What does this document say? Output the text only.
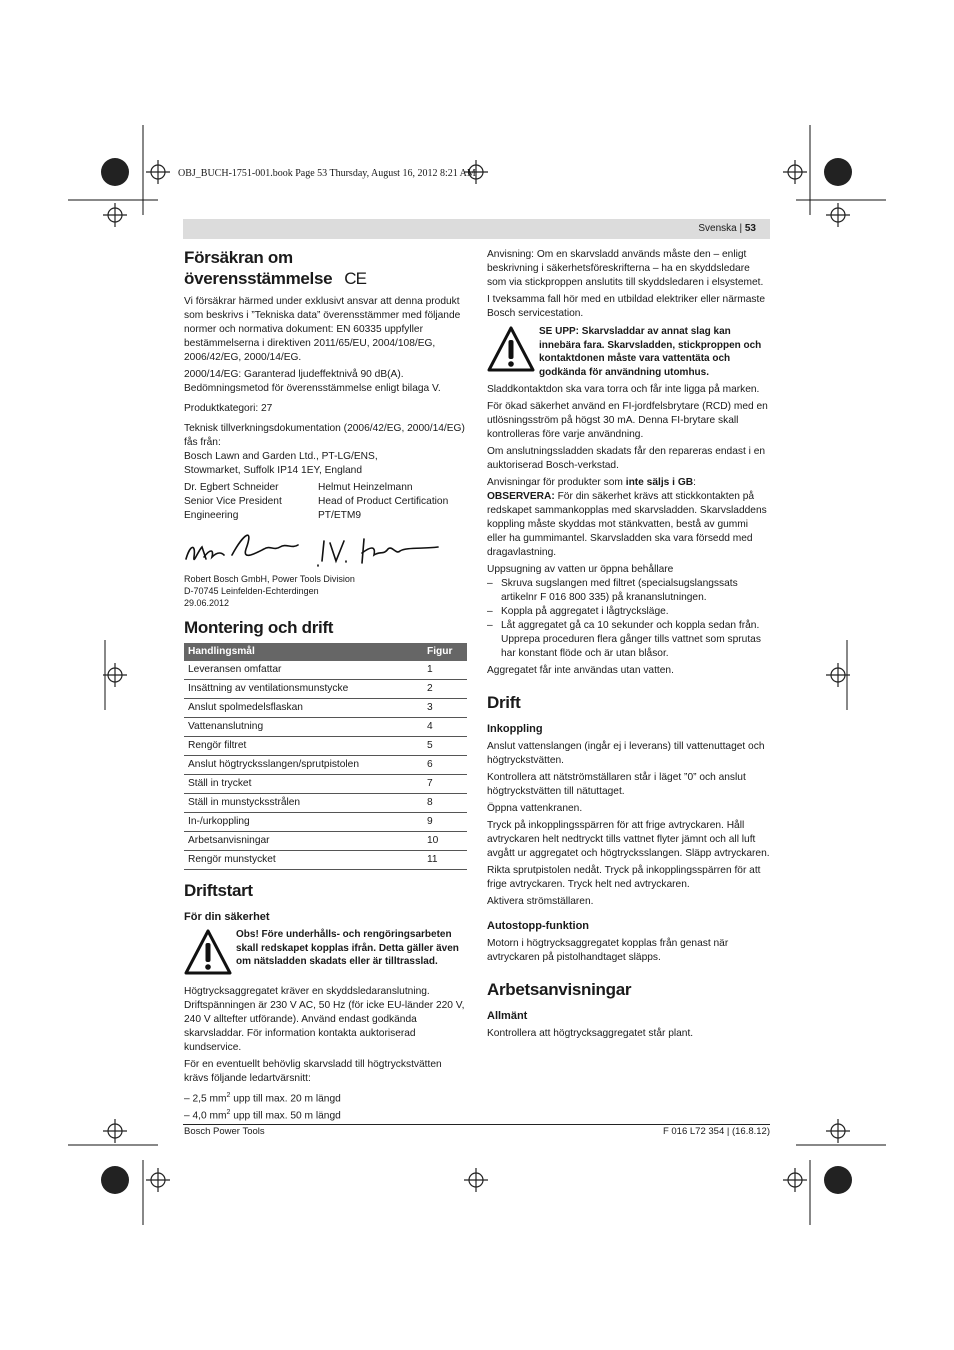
OBJ_BUCH-1751-001.book Page 53 Thursday, August 16, 2012 8:21 AM
Svenska | 53
Försäkran om
överensstämmelse CE

Vi försäkrar härmed under exklusivt ansvar att denna produkt som beskrivs i ”Tekniska data” överensstämmer med följande normer och normativa dokument: EN 60335 uppfyller bestämmelserna i direktiven 2011/65/EU, 2004/108/EG, 2006/42/EG, 2000/14/EG.

2000/14/EG: Garanterad ljudeffektnivå 90 dB(A). Bedömningsmetod för överensstämmelse enligt bilaga V.

Produktkategori: 27

Teknisk tillverkningsdokumentation (2006/42/EG, 2000/14/EG) fås från:

Bosch Lawn and Garden Ltd., PT-LG/ENS,

Stowmarket, Suffolk IP14 1EY, England

Dr. Egbert Schneider
Senior Vice President
Engineering
Helmut Heinzelmann
Head of Product Certification
PT/ETM9

Robert Bosch GmbH, Power Tools Division

D-70745 Leinfelden-Echterdingen

29.06.2012

Montering och drift
Handlingsmål	Figur
Leveransen omfattar	1
Insättning av ventilationsmunstycke	2
Anslut spolmedelsflaskan	3
Vattenanslutning	4
Rengör filtret	5
Anslut högtrycksslangen/sprutpistolen	6
Ställ in trycket	7
Ställ in munstycksstrålen	8
In-/urkoppling	9
Arbetsanvisningar	10
Rengör munstycket	11
Driftstart
För din säkerhet
Obs! Före underhålls- och rengöringsarbeten skall redskapet kopplas ifrån. Detta gäller även om nätsladden skadats eller är tilltrasslad.

Högtrycksaggregatet kräver en skyddsledaranslutning. Driftspänningen är 230 V AC, 50 Hz (för icke EU-länder 220 V, 240 V alltefter utförande). Använd endast godkända skarvsladdar. För information kontakta auktoriserad kundservice.

För en eventuellt behövlig skarvsladd till högtryckstvätten krävs följande ledartvärsnitt:

– 2,5 $mm^2$ upp till max. 20 m längd
– 4,0 $mm^2$ upp till max. 50 m längd

Anvisning: Om en skarvsladd används måste den – enligt beskrivning i säkerhetsföreskrifterna – ha en skyddsledare som via stickproppen anslutits till skyddsledaren i elsystemet.

I tveksamma fall hör med en utbildad elektriker eller närmaste Bosch servicestation.

SE UPP: Skarvsladdar av annat slag kan innebära fara. Skarvsladden, stickproppen och kontaktdonen måste vara vattentäta och godkända för användning utomhus.

Sladdkontaktdon ska vara torra och får inte ligga på marken.

För ökad säkerhet använd en FI-jordfelsbrytare (RCD) med en utlösningsström på högst 30 mA. Denna FI-brytare skall kontrolleras före varje användning.

Om anslutningssladden skadats får den repareras endast i en auktoriserad Bosch-verkstad.

Anvisningar för produkter som inte säljs i GB:

OBSERVERA: För din säkerhet krävs att stickkontakten på redskapet sammankopplas med skarvsladden. Skarvsladdens koppling måste skyddas mot stänkvatten, bestå av gummi eller ha gummimantel. Skarvsladden ska vara försedd med dragavlastning.

Uppsugning av vatten ur öppna behållare

– Skruva sugslangen med filtret (specialsugslangssats artikelnr F 016 800 335) på krananslutningen.
– Koppla på aggregatet i lågtrycksläge.
– Låt aggregatet gå ca 10 sekunder och koppla sedan från. Upprepa proceduren flera gånger tills vattnet som sprutas har konstant flöde och är utan blåsor.

Aggregatet får inte användas utan vatten.

Drift
Inkoppling

Anslut vattenslangen (ingår ej i leverans) till vattenuttaget och högtryckstvätten.

Kontrollera att nätströmställaren står i läget ”0” och anslut högtryckstvätten till nätuttaget.

Öppna vattenkranen.

Tryck på inkopplingsspärren för att frige avtryckaren. Håll avtryckaren helt nedtryckt tills vattnet flyter jämnt och all luft avgått ur aggregatet och högtrycksslangen. Släpp avtryckaren.

Rikta sprutpistolen nedåt. Tryck på inkopplingsspärren för att frige avtryckaren. Tryck helt ned avtryckaren.

Aktivera strömställaren.

Autostopp-funktion

Motorn i högtrycksaggregatet kopplas från genast när avtryckaren på pistolhandtaget släpps.

Arbetsanvisningar
Allmänt

Kontrollera att högtrycksaggregatet står plant.

Bosch Power Tools	F 016 L72 354 | (16.8.12)
